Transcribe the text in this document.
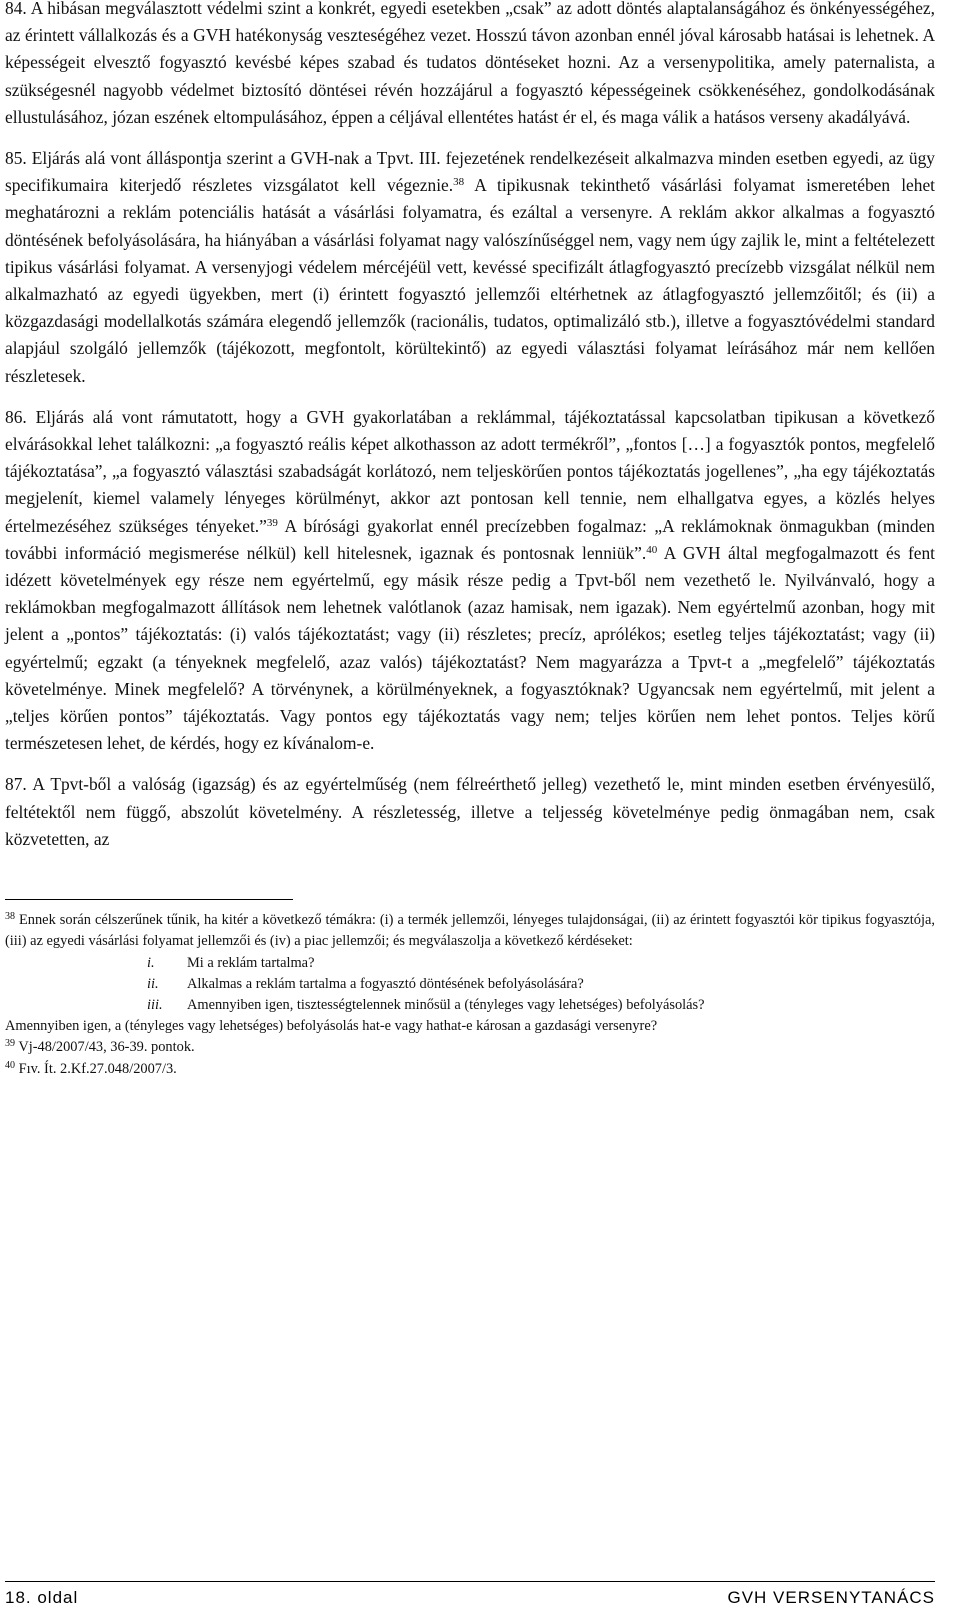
84. A hibásan megválasztott védelmi szint a konkrét, egyedi esetekben „csak” az adott döntés alaptalanságához és önkényességéhez, az érintett vállalkozás és a GVH hatékonyság veszteségéhez vezet. Hosszú távon azonban ennél jóval károsabb hatásai is lehetnek. A képességeit elvesztő fogyasztó kevésbé képes szabad és tudatos döntéseket hozni. Az a versenypolitika, amely paternalista, a szükségesnél nagyobb védelmet biztosító döntései révén hozzájárul a fogyasztó képességeinek csökkenéséhez, gondolkodásának ellustulásához, józan eszének eltompulásához, éppen a céljával ellentétes hatást ér el, és maga válik a hatásos verseny akadályává.

85. Eljárás alá vont álláspontja szerint a GVH-nak a Tpvt. III. fejezetének rendelkezéseit alkalmazva minden esetben egyedi, az ügy specifikumaira kiterjedő részletes vizsgálatot kell végeznie.$^{38}$ A tipikusnak tekinthető vásárlási folyamat ismeretében lehet meghatározni a reklám potenciális hatását a vásárlási folyamatra, és ezáltal a versenyre. A reklám akkor alkalmas a fogyasztó döntésének befolyásolására, ha hiányában a vásárlási folyamat nagy valószínűséggel nem, vagy nem úgy zajlik le, mint a feltételezett tipikus vásárlási folyamat. A versenyjogi védelem mércéjéül vett, kevéssé specifizált átlagfogyasztó precízebb vizsgálat nélkül nem alkalmazható az egyedi ügyekben, mert (i) érintett fogyasztó jellemzői eltérhetnek az átlagfogyasztó jellemzőitől; és (ii) a közgazdasági modellalkotás számára elegendő jellemzők (racionális, tudatos, optimalizáló stb.), illetve a fogyasztóvédelmi standard alapjául szolgáló jellemzők (tájékozott, megfontolt, körültekintő) az egyedi választási folyamat leírásához már nem kellően részletesek.

86. Eljárás alá vont rámutatott, hogy a GVH gyakorlatában a reklámmal, tájékoztatással kapcsolatban tipikusan a következő elvárásokkal lehet találkozni: „a fogyasztó reális képet alkothasson az adott termékről”, „fontos […] a fogyasztók pontos, megfelelő tájékoztatása”, „a fogyasztó választási szabadságát korlátozó, nem teljeskörűen pontos tájékoztatás jogellenes”, „ha egy tájékoztatás megjelenít, kiemel valamely lényeges körülményt, akkor azt pontosan kell tennie, nem elhallgatva egyes, a közlés helyes értelmezéséhez szükséges tényeket.”$^{39}$ A bírósági gyakorlat ennél precízebben fogalmaz: „A reklámoknak önmagukban (minden további információ megismerése nélkül) kell hitelesnek, igaznak és pontosnak lenniük”.$^{40}$ A GVH által megfogalmazott és fent idézett követelmények egy része nem egyértelmű, egy másik része pedig a Tpvt-ből nem vezethető le. Nyilvánvaló, hogy a reklámokban megfogalmazott állítások nem lehetnek valótlanok (azaz hamisak, nem igazak). Nem egyértelmű azonban, hogy mit jelent a „pontos” tájékoztatás: (i) valós tájékoztatást; vagy (ii) részletes; precíz, aprólékos; esetleg teljes tájékoztatást; vagy (ii) egyértelmű; egzakt (a tényeknek megfelelő, azaz valós) tájékoztatást? Nem magyarázza a Tpvt-t a „megfelelő” tájékoztatás követelménye. Minek megfelelő? A törvénynek, a körülményeknek, a fogyasztóknak? Ugyancsak nem egyértelmű, mit jelent a „teljes körűen pontos” tájékoztatás. Vagy pontos egy tájékoztatás vagy nem; teljes körűen nem lehet pontos. Teljes körű természetesen lehet, de kérdés, hogy ez kívánalom-e.

87. A Tpvt-ből a valóság (igazság) és az egyértelműség (nem félreérthető jelleg) vezethető le, mint minden esetben érvényesülő, feltétektől nem függő, abszolút követelmény. A részletesség, illetve a teljesség követelménye pedig önmagában nem, csak közvetetten, az

$^{38}$ Ennek során célszerűnek tűnik, ha kitér a következő témákra: (i) a termék jellemzői, lényeges tulajdonságai, (ii) az érintett fogyasztói kör tipikus fogyasztója, (iii) az egyedi vásárlási folyamat jellemzői és (iv) a piac jellemzői; és megválaszolja a következő kérdéseket:

i.	Mi a reklám tartalma?
ii.	Alkalmas a reklám tartalma a fogyasztó döntésének befolyásolására?
iii.	Amennyiben igen, tisztességtelennek minősül a (tényleges vagy lehetséges) befolyásolás?

Amennyiben igen, a (tényleges vagy lehetséges) befolyásolás hat-e vagy hathat-e károsan a gazdasági versenyre?

$^{39}$ Vj-48/2007/43, 36-39. pontok.

$^{40}$ Fıv. Ít. 2.Kf.27.048/2007/3.

18. oldal	GVH VERSENYTANÁCS
